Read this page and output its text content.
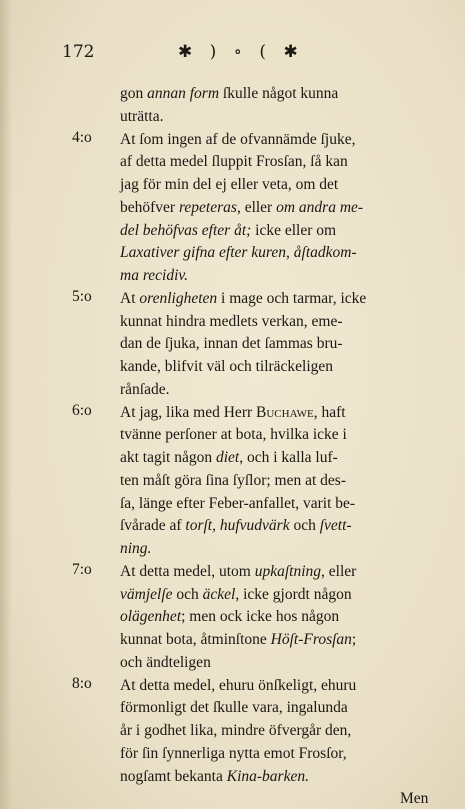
172	✱ ) ∘ ( ✱
gon annan form ſkulle något kunna
uträtta.
4:o	At ſom ingen af de ofvannämde ſjuke,
af detta medel ſluppit Frosſan, ſå kan
jag för min del ej eller veta, om det
behöfver repeteras, eller om andra me-
del behöfvas efter åt; icke eller om
Laxativer gifna efter kuren, åſtadkom-
ma recidiv.
5:o	At orenligheten i mage och tarmar, icke
kunnat hindra medlets verkan, eme-
dan de ſjuka, innan det ſammas bru-
kande, blifvit väl och tilräckeligen
rånſade.
6:o	At jag, lika med Herr Buchawe, haft
tvänne perſoner at bota, hvilka icke i
akt tagit någon diet, och i kalla luf-
ten måſt göra ſina ſyſlor; men at des-
ſa, länge efter Feber-anfallet, varit be-
ſvårade af torſt, hufvudvärk och ſvett-
ning.
7:o	At detta medel, utom upkaſtning, eller
vämjelſe och äckel, icke gjordt någon
olägenhet; men ock icke hos någon
kunnat bota, åtminſtone Höſt-Frosſan;
och ändteligen
8:o	At detta medel, ehuru önſkeligt, ehuru
förmonligt det ſkulle vara, ingalunda
år i godhet lika, mindre öfvergår den,
för ſin ſynnerliga nytta emot Frosſor,
nogſamt bekanta Kina-barken.
Men
